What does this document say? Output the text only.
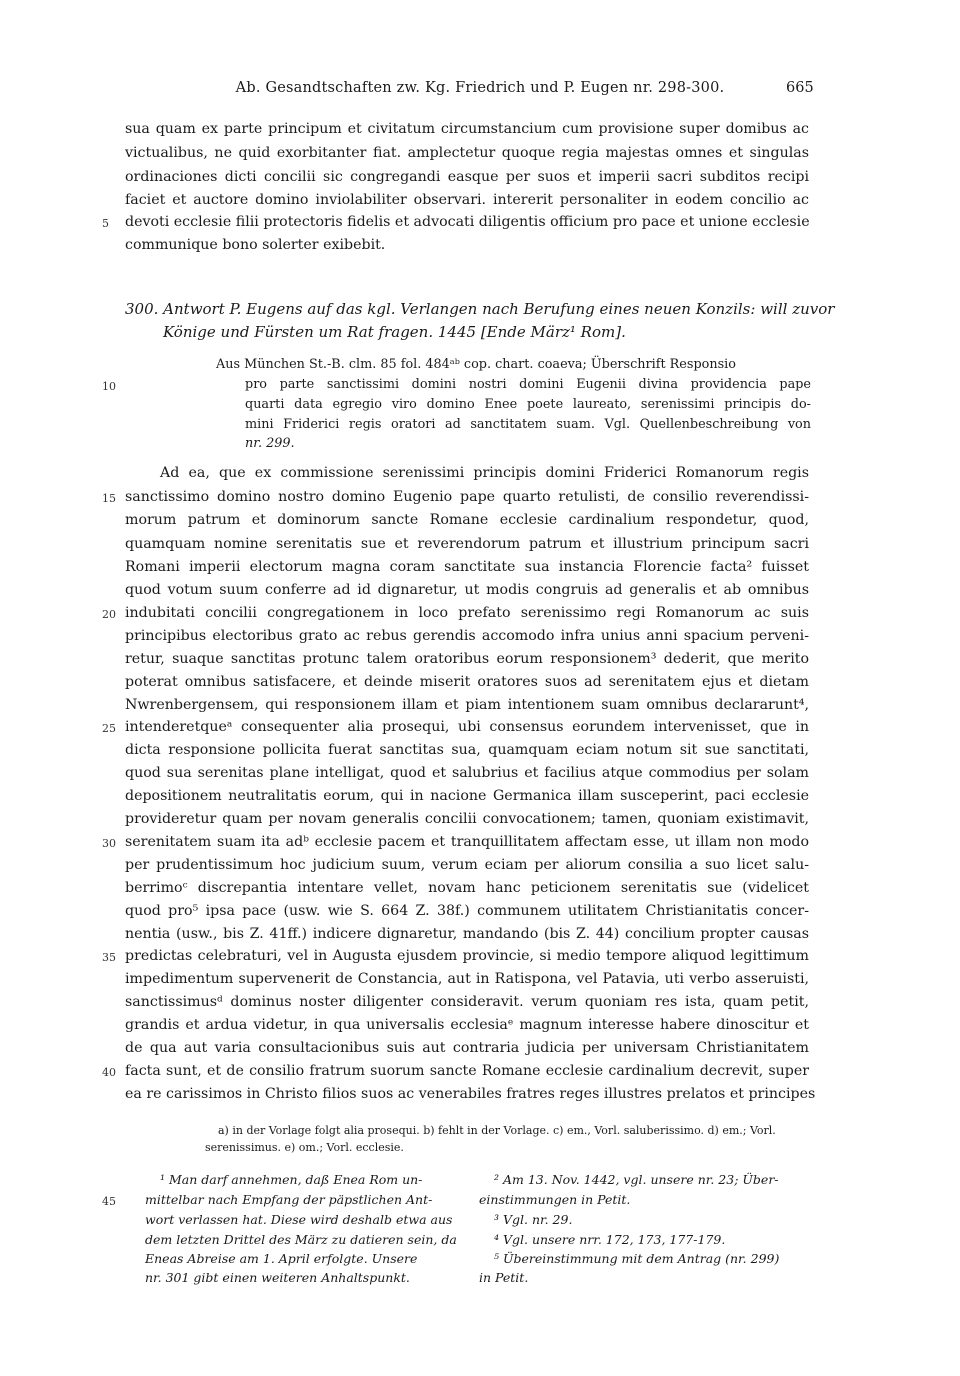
Ab. Gesandtschaften zw. Kg. Friedrich und P. Eugen nr. 298-300.	665
sua quam ex parte principum et civitatum circumstancium cum provisione super domibus ac
victualibus, ne quid exorbitanter fiat. amplectetur quoque regia majestas omnes et singulas
ordinaciones dicti concilii sic congregandi easque per suos et imperii sacri subditos recipi
faciet et auctore domino inviolabiliter observari. intererit personaliter in eodem concilio ac
devoti ecclesie filii protectoris fidelis et advocati diligentis officium pro pace et unione ecclesie
communique bono solerter exibebit.
5
300. Antwort P. Eugens auf das kgl. Verlangen nach Berufung eines neuen Konzils: will zuvor
Könige und Fürsten um Rat fragen. 1445 [Ende März¹ Rom].
Aus München St.-B. clm. 85 fol. 484ᵃᵇ cop. chart. coaeva; Überschrift Responsio
pro parte sanctissimi domini nostri domini Eugenii divina providencia pape
quarti data egregio viro domino Enee poete laureato, serenissimi principis do-
mini Friderici regis oratori ad sanctitatem suam. Vgl. Quellenbeschreibung von
nr. 299.
10
Ad ea, que ex commissione serenissimi principis domini Friderici Romanorum regis
sanctissimo domino nostro domino Eugenio pape quarto retulisti, de consilio reverendissi-
morum patrum et dominorum sancte Romane ecclesie cardinalium respondetur, quod,
quamquam nomine serenitatis sue et reverendorum patrum et illustrium principum sacri
Romani imperii electorum magna coram sanctitate sua instancia Florencie facta² fuisset
quod votum suum conferre ad id dignaretur, ut modis congruis ad generalis et ab omnibus
indubitati concilii congregationem in loco prefato serenissimo regi Romanorum ac suis
principibus electoribus grato ac rebus gerendis accomodo infra unius anni spacium perveni-
retur, suaque sanctitas protunc talem oratoribus eorum responsionem³ dederit, que merito
poterat omnibus satisfacere, et deinde miserit oratores suos ad serenitatem ejus et dietam
Nwrenbergensem, qui responsionem illam et piam intentionem suam omnibus declararunt⁴,
intenderetqueᵃ consequenter alia prosequi, ubi consensus eorundem intervenisset, que in
dicta responsione pollicita fuerat sanctitas sua, quamquam eciam notum sit sue sanctitati,
quod sua serenitas plane intelligat, quod et salubrius et facilius atque commodius per solam
depositionem neutralitatis eorum, qui in nacione Germanica illam susceperint, paci ecclesie
provideretur quam per novam generalis concilii convocationem; tamen, quoniam existimavit,
serenitatem suam ita adᵇ ecclesie pacem et tranquillitatem affectam esse, ut illam non modo
per prudentissimum hoc judicium suum, verum eciam per aliorum consilia a suo licet salu-
berrimoᶜ discrepantia intentare vellet, novam hanc peticionem serenitatis sue (videlicet
quod pro⁵ ipsa pace (usw. wie S. 664 Z. 38f.) communem utilitatem Christianitatis concer-
nentia (usw., bis Z. 41ff.) indicere dignaretur, mandando (bis Z. 44) concilium propter causas
predictas celebraturi, vel in Augusta ejusdem provincie, si medio tempore aliquod legittimum
impedimentum supervenerit de Constancia, aut in Ratispona, vel Patavia, uti verbo asseruisti,
sanctissimusᵈ dominus noster diligenter consideravit. verum quoniam res ista, quam petit,
grandis et ardua videtur, in qua universalis ecclesiaᵉ magnum interesse habere dinoscitur et
de qua aut varia consultacionibus suis aut contraria judicia per universam Christianitatem
facta sunt, et de consilio fratrum suorum sancte Romane ecclesie cardinalium decrevit, super
ea re carissimos in Christo filios suos ac venerabiles fratres reges illustres prelatos et principes
15
20
25
30
35
40
a) in der Vorlage folgt alia prosequi. b) fehlt in der Vorlage. c) em., Vorl. saluberissimo. d) em.; Vorl.
serenissimus. e) om.; Vorl. ecclesie.
¹ Man darf annehmen, daß Enea Rom un-
mittelbar nach Empfang der päpstlichen Ant-
wort verlassen hat. Diese wird deshalb etwa aus
dem letzten Drittel des März zu datieren sein, da
Eneas Abreise am 1. April erfolgte. Unsere
nr. 301 gibt einen weiteren Anhaltspunkt.
45
² Am 13. Nov. 1442, vgl. unsere nr. 23; Über-
einstimmungen in Petit.
³ Vgl. nr. 29.
⁴ Vgl. unsere nrr. 172, 173, 177-179.
⁵ Übereinstimmung mit dem Antrag (nr. 299)
in Petit.
